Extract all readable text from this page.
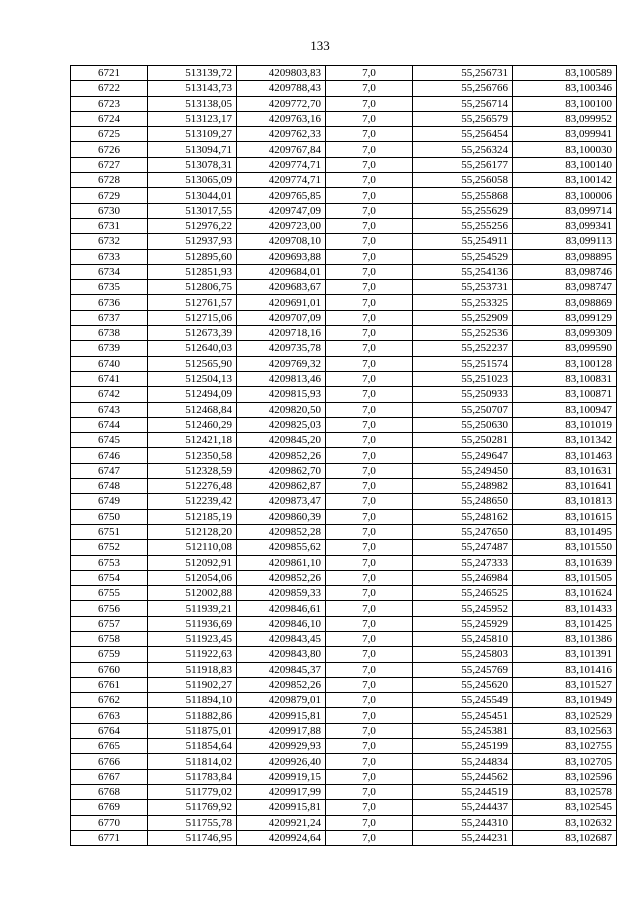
133
6721	513139,72	4209803,83	7,0	55,256731	83,100589
6722	513143,73	4209788,43	7,0	55,256766	83,100346
6723	513138,05	4209772,70	7,0	55,256714	83,100100
6724	513123,17	4209763,16	7,0	55,256579	83,099952
6725	513109,27	4209762,33	7,0	55,256454	83,099941
6726	513094,71	4209767,84	7,0	55,256324	83,100030
6727	513078,31	4209774,71	7,0	55,256177	83,100140
6728	513065,09	4209774,71	7,0	55,256058	83,100142
6729	513044,01	4209765,85	7,0	55,255868	83,100006
6730	513017,55	4209747,09	7,0	55,255629	83,099714
6731	512976,22	4209723,00	7,0	55,255256	83,099341
6732	512937,93	4209708,10	7,0	55,254911	83,099113
6733	512895,60	4209693,88	7,0	55,254529	83,098895
6734	512851,93	4209684,01	7,0	55,254136	83,098746
6735	512806,75	4209683,67	7,0	55,253731	83,098747
6736	512761,57	4209691,01	7,0	55,253325	83,098869
6737	512715,06	4209707,09	7,0	55,252909	83,099129
6738	512673,39	4209718,16	7,0	55,252536	83,099309
6739	512640,03	4209735,78	7,0	55,252237	83,099590
6740	512565,90	4209769,32	7,0	55,251574	83,100128
6741	512504,13	4209813,46	7,0	55,251023	83,100831
6742	512494,09	4209815,93	7,0	55,250933	83,100871
6743	512468,84	4209820,50	7,0	55,250707	83,100947
6744	512460,29	4209825,03	7,0	55,250630	83,101019
6745	512421,18	4209845,20	7,0	55,250281	83,101342
6746	512350,58	4209852,26	7,0	55,249647	83,101463
6747	512328,59	4209862,70	7,0	55,249450	83,101631
6748	512276,48	4209862,87	7,0	55,248982	83,101641
6749	512239,42	4209873,47	7,0	55,248650	83,101813
6750	512185,19	4209860,39	7,0	55,248162	83,101615
6751	512128,20	4209852,28	7,0	55,247650	83,101495
6752	512110,08	4209855,62	7,0	55,247487	83,101550
6753	512092,91	4209861,10	7,0	55,247333	83,101639
6754	512054,06	4209852,26	7,0	55,246984	83,101505
6755	512002,88	4209859,33	7,0	55,246525	83,101624
6756	511939,21	4209846,61	7,0	55,245952	83,101433
6757	511936,69	4209846,10	7,0	55,245929	83,101425
6758	511923,45	4209843,45	7,0	55,245810	83,101386
6759	511922,63	4209843,80	7,0	55,245803	83,101391
6760	511918,83	4209845,37	7,0	55,245769	83,101416
6761	511902,27	4209852,26	7,0	55,245620	83,101527
6762	511894,10	4209879,01	7,0	55,245549	83,101949
6763	511882,86	4209915,81	7,0	55,245451	83,102529
6764	511875,01	4209917,88	7,0	55,245381	83,102563
6765	511854,64	4209929,93	7,0	55,245199	83,102755
6766	511814,02	4209926,40	7,0	55,244834	83,102705
6767	511783,84	4209919,15	7,0	55,244562	83,102596
6768	511779,02	4209917,99	7,0	55,244519	83,102578
6769	511769,92	4209915,81	7,0	55,244437	83,102545
6770	511755,78	4209921,24	7,0	55,244310	83,102632
6771	511746,95	4209924,64	7,0	55,244231	83,102687
